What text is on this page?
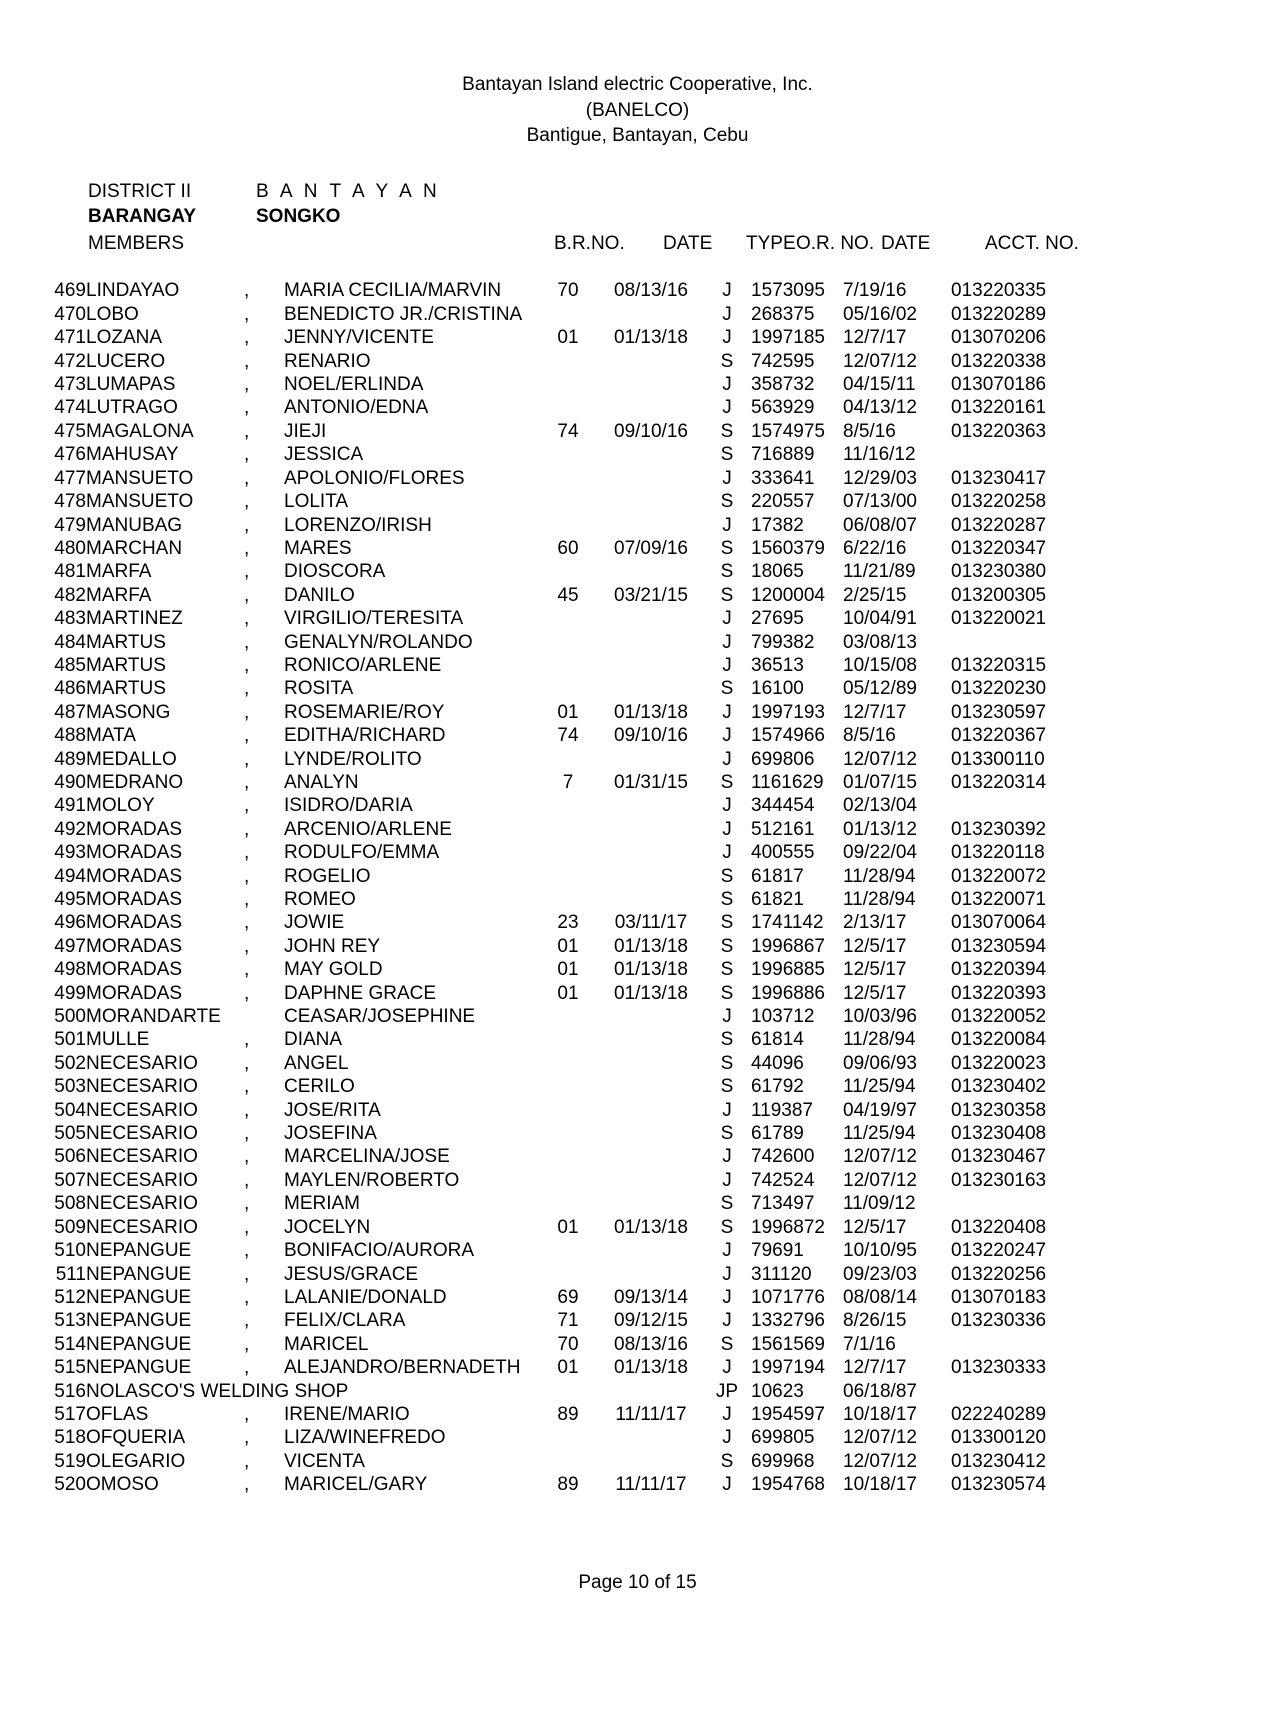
Bantayan Island electric Cooperative, Inc.
(BANELCO)
Bantigue, Bantayan, Cebu
DISTRICT II	B A N T A Y A N
BARANGAY	SONGKO
MEMBERS	B.R.NO. DATE TYPE O.R. NO. DATE	ACCT. NO.
469	LINDAYAO	,	MARIA CECILIA/MARVIN	70	08/13/16	J	1573095	7/19/16	013220335
470	LOBO	,	BENEDICTO JR./CRISTINA			J	268375	05/16/02	013220289
471	LOZANA	,	JENNY/VICENTE	01	01/13/18	J	1997185	12/7/17	013070206
472	LUCERO	,	RENARIO			S	742595	12/07/12	013220338
473	LUMAPAS	,	NOEL/ERLINDA			J	358732	04/15/11	013070186
474	LUTRAGO	,	ANTONIO/EDNA			J	563929	04/13/12	013220161
475	MAGALONA	,	JIEJI	74	09/10/16	S	1574975	8/5/16	013220363
476	MAHUSAY	,	JESSICA			S	716889	11/16/12	
477	MANSUETO	,	APOLONIO/FLORES			J	333641	12/29/03	013230417
478	MANSUETO	,	LOLITA			S	220557	07/13/00	013220258
479	MANUBAG	,	LORENZO/IRISH			J	17382	06/08/07	013220287
480	MARCHAN	,	MARES	60	07/09/16	S	1560379	6/22/16	013220347
481	MARFA	,	DIOSCORA			S	18065	11/21/89	013230380
482	MARFA	,	DANILO	45	03/21/15	S	1200004	2/25/15	013200305
483	MARTINEZ	,	VIRGILIO/TERESITA			J	27695	10/04/91	013220021
484	MARTUS	,	GENALYN/ROLANDO			J	799382	03/08/13	
485	MARTUS	,	RONICO/ARLENE			J	36513	10/15/08	013220315
486	MARTUS	,	ROSITA			S	16100	05/12/89	013220230
487	MASONG	,	ROSEMARIE/ROY	01	01/13/18	J	1997193	12/7/17	013230597
488	MATA	,	EDITHA/RICHARD	74	09/10/16	J	1574966	8/5/16	013220367
489	MEDALLO	,	LYNDE/ROLITO			J	699806	12/07/12	013300110
490	MEDRANO	,	ANALYN	7	01/31/15	S	1161629	01/07/15	013220314
491	MOLOY	,	ISIDRO/DARIA			J	344454	02/13/04	
492	MORADAS	,	ARCENIO/ARLENE			J	512161	01/13/12	013230392
493	MORADAS	,	RODULFO/EMMA			J	400555	09/22/04	013220118
494	MORADAS	,	ROGELIO			S	61817	11/28/94	013220072
495	MORADAS	,	ROMEO			S	61821	11/28/94	013220071
496	MORADAS	,	JOWIE	23	03/11/17	S	1741142	2/13/17	013070064
497	MORADAS	,	JOHN REY	01	01/13/18	S	1996867	12/5/17	013230594
498	MORADAS	,	MAY GOLD	01	01/13/18	S	1996885	12/5/17	013220394
499	MORADAS	,	DAPHNE GRACE	01	01/13/18	S	1996886	12/5/17	013220393
500	MORANDARTE		CEASAR/JOSEPHINE			J	103712	10/03/96	013220052
501	MULLE	,	DIANA			S	61814	11/28/94	013220084
502	NECESARIO	,	ANGEL			S	44096	09/06/93	013220023
503	NECESARIO	,	CERILO			S	61792	11/25/94	013230402
504	NECESARIO	,	JOSE/RITA			J	119387	04/19/97	013230358
505	NECESARIO	,	JOSEFINA			S	61789	11/25/94	013230408
506	NECESARIO	,	MARCELINA/JOSE			J	742600	12/07/12	013230467
507	NECESARIO	,	MAYLEN/ROBERTO			J	742524	12/07/12	013230163
508	NECESARIO	,	MERIAM			S	713497	11/09/12	
509	NECESARIO	,	JOCELYN	01	01/13/18	S	1996872	12/5/17	013220408
510	NEPANGUE	,	BONIFACIO/AURORA			J	79691	10/10/95	013220247
511	NEPANGUE	,	JESUS/GRACE			J	311120	09/23/03	013220256
512	NEPANGUE	,	LALANIE/DONALD	69	09/13/14	J	1071776	08/08/14	013070183
513	NEPANGUE	,	FELIX/CLARA	71	09/12/15	J	1332796	8/26/15	013230336
514	NEPANGUE	,	MARICEL	70	08/13/16	S	1561569	7/1/16	
515	NEPANGUE	,	ALEJANDRO/BERNADETH	01	01/13/18	J	1997194	12/7/17	013230333
516	NOLASCO'S WELDING SHOP					JP	10623	06/18/87	
517	OFLAS	,	IRENE/MARIO	89	11/11/17	J	1954597	10/18/17	022240289
518	OFQUERIA	,	LIZA/WINEFREDO			J	699805	12/07/12	013300120
519	OLEGARIO	,	VICENTA			S	699968	12/07/12	013230412
520	OMOSO	,	MARICEL/GARY	89	11/11/17	J	1954768	10/18/17	013230574
Page 10 of 15
